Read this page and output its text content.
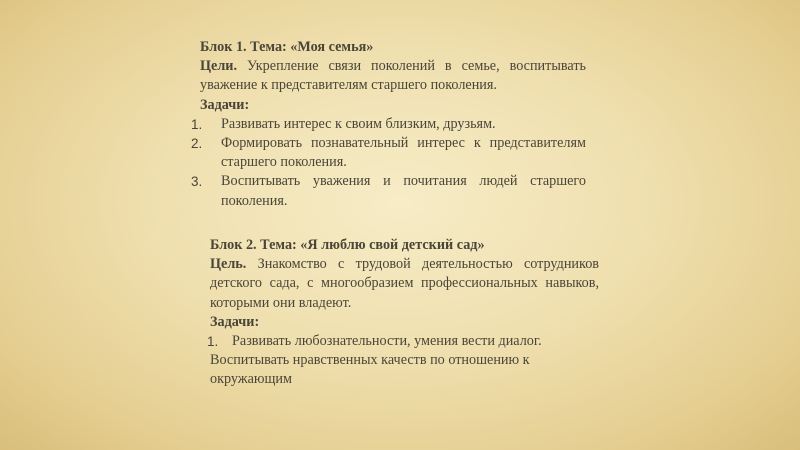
Блок 1. Тема: «Моя семья»

Цели. Укрепление связи поколений в семье, воспитывать уважение к представителям старшего поколения.

Задачи:

1. Развивать интерес к своим близким, друзьям.
2. Формировать познавательный интерес к представителям старшего поколения.
3. Воспитывать уважения и почитания людей старшего поколения.

Блок 2. Тема: «Я люблю свой детский сад»

Цель. Знакомство с трудовой деятельностью сотрудников детского сада, с многообразием профессиональных навыков, которыми они владеют.

Задачи:

1. Развивать любознательности, умения вести диалог.

Воспитывать нравственных качеств по отношению к окружающим
